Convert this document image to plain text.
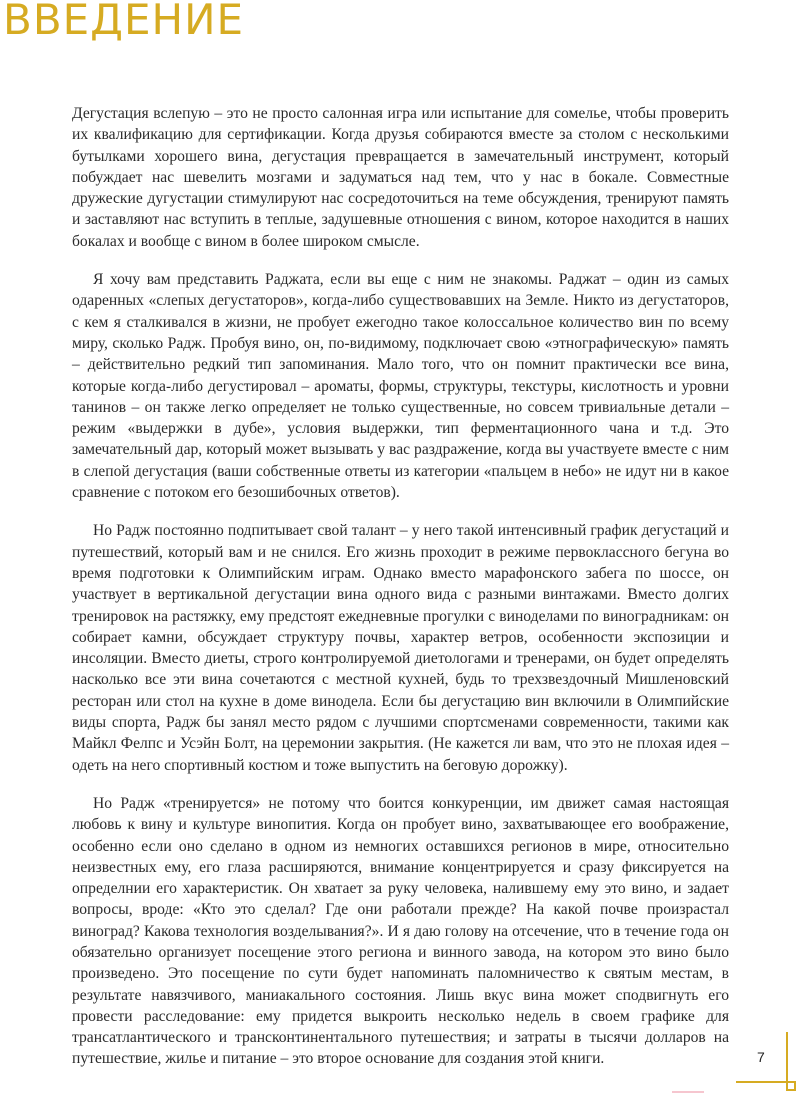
ВВЕДЕНИЕ

Дегустация вслепую – это не просто салонная игра или испытание для сомелье, чтобы проверить их квалификацию для сертификации. Когда друзья собираются вместе за столом с несколькими бутылками хорошего вина, дегустация превращается в замечательный инструмент, который побуждает нас шевелить мозгами и задуматься над тем, что у нас в бокале. Совместные дружеские дугустации стимулируют нас сосредоточиться на теме обсуждения, тренируют память и заставляют нас вступить в теплые, задушевные отношения с вином, которое находится в наших бокалах и вообще с вином в более широком смысле.

Я хочу вам представить Раджата, если вы еще с ним не знакомы. Раджат – один из самых одаренных «слепых дегустаторов», когда-либо существовавших на Земле. Никто из дегустаторов, с кем я сталкивался в жизни, не пробует ежегодно такое колоссальное количество вин по всему миру, сколько Радж. Пробуя вино, он, по-видимому, подключает свою «этнографическую» память – действительно редкий тип запоминания. Мало того, что он помнит практически все вина, которые когда-либо дегустировал – ароматы, формы, структуры, текстуры, кислотность и уровни танинов – он также легко определяет не только существенные, но совсем тривиальные детали – режим «выдержки в дубе», условия выдержки, тип ферментационного чана и т.д. Это замечательный дар, который может вызывать у вас раздражение, когда вы участвуете вместе с ним в слепой дегустация (ваши собственные ответы из категории «пальцем в небо» не идут ни в какое сравнение с потоком его безошибочных ответов).

Но Радж постоянно подпитывает свой талант – у него такой интенсивный график дегустаций и путешествий, который вам и не снился. Его жизнь проходит в режиме первоклассного бегуна во время подготовки к Олимпийским играм. Однако вместо марафонского забега по шоссе, он участвует в вертикальной дегустации вина одного вида с разными винтажами. Вместо долгих тренировок на растяжку, ему предстоят ежедневные прогулки с виноделами по виноградникам: он собирает камни, обсуждает структуру почвы, характер ветров, особенности экспозиции и инсоляции. Вместо диеты, строго контролируемой диетологами и тренерами, он будет определять насколько все эти вина сочетаются с местной кухней, будь то трехзвездочный Мишленовский ресторан или стол на кухне в доме винодела. Если бы дегустацию вин включили в Олимпийские виды спорта, Радж бы занял место рядом с лучшими спортсменами современности, такими как Майкл Фелпс и Усэйн Болт, на церемонии закрытия. (Не кажется ли вам, что это не плохая идея – одеть на него спортивный костюм и тоже выпустить на беговую дорожку).

Но Радж «тренируется» не потому что боится конкуренции, им движет самая настоящая любовь к вину и культуре винопития. Когда он пробует вино, захватывающее его воображение, особенно если оно сделано в одном из немногих оставшихся регионов в мире, относительно неизвестных ему, его глаза расширяются, внимание концентрируется и сразу фиксируется на определнии его характеристик. Он хватает за руку человека, налившему ему это вино, и задает вопросы, вроде: «Кто это сделал? Где они работали прежде? На какой почве произрастал виноград? Какова технология возделывания?». И я даю голову на отсечение, что в течение года он обязательно организует посещение этого региона и винного завода, на котором это вино было произведено. Это посещение по сути будет напоминать паломничество к святым местам, в результате навязчивого, маниакального состояния. Лишь вкус вина может сподвигнуть его провести расследование: ему придется выкроить несколько недель в своем графике для трансатлантического и трансконтинентального путешествия; и затраты в тысячи долларов на путешествие, жилье и питание – это второе основание для создания этой книги.	7
